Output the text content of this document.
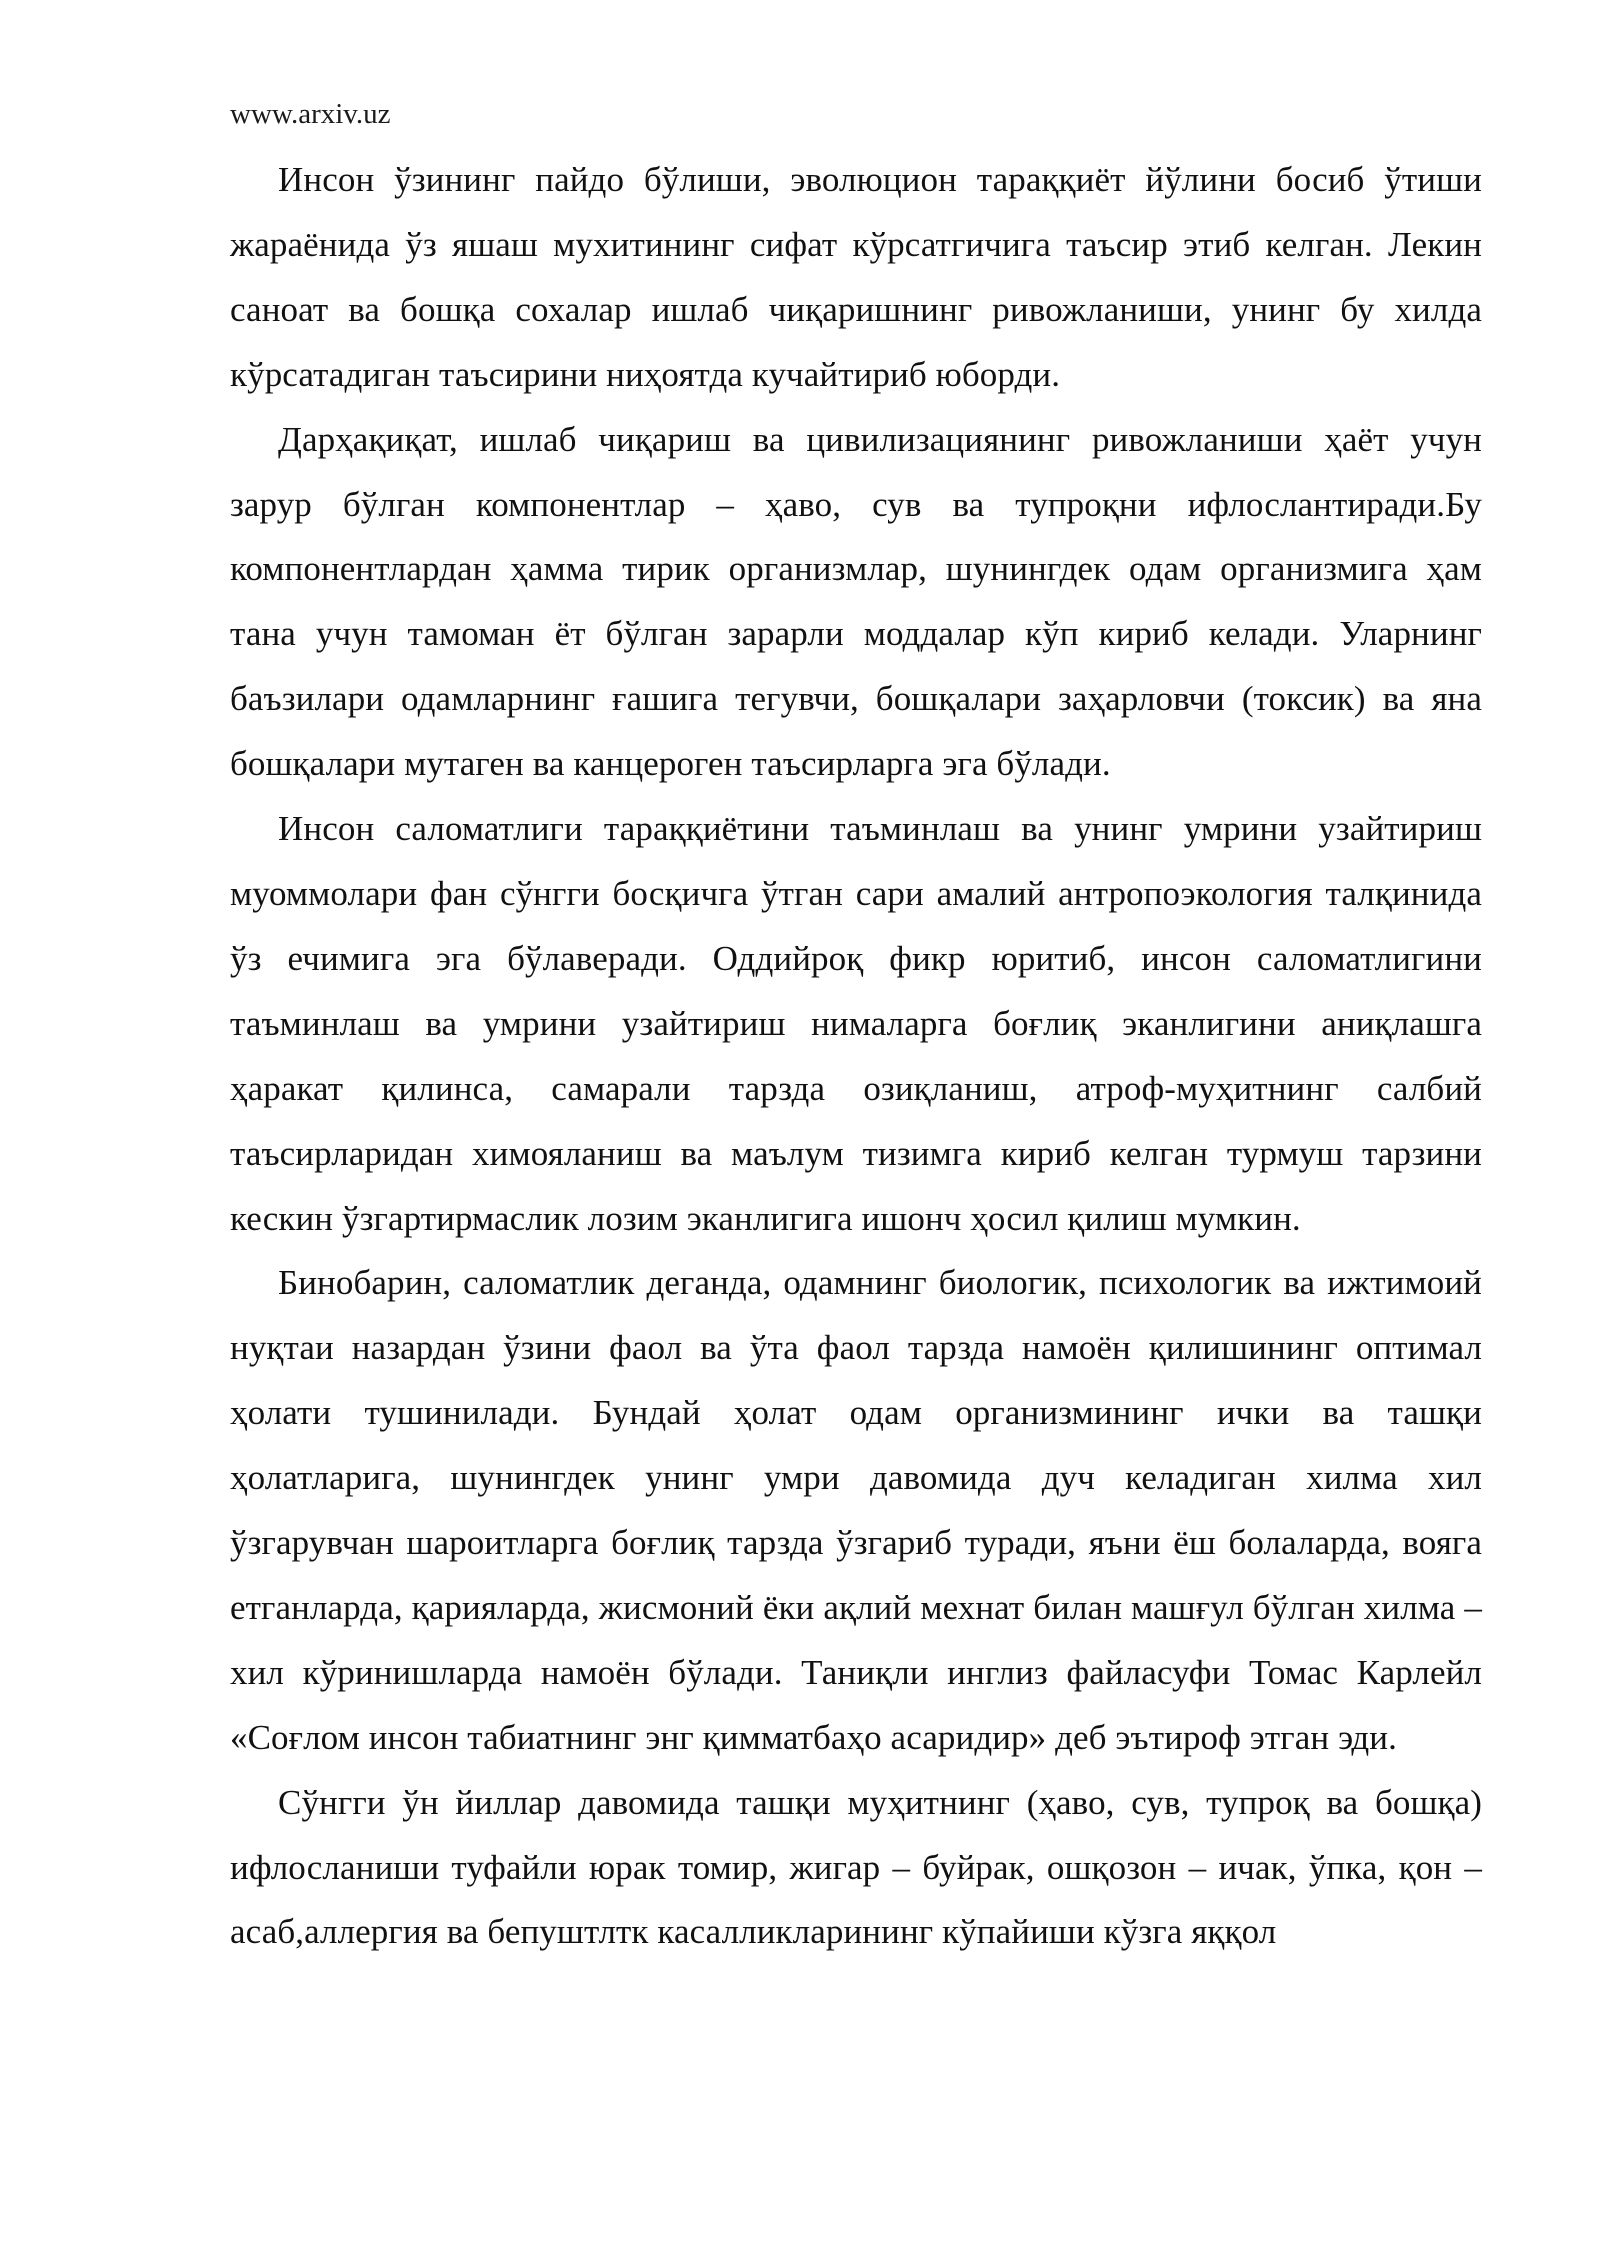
www.arxiv.uz

Инсон ўзининг пайдо бўлиши, эволюцион тараққиёт йўлини босиб ўтиши жараёнида ўз яшаш мухитининг сифат кўрсатгичига таъсир этиб келган. Лекин саноат ва бошқа сохалар ишлаб чиқаришнинг ривожланиши, унинг бу хилда кўрсатадиган таъсирини ниҳоятда кучайтириб юборди.

Дарҳақиқат, ишлаб чиқариш ва цивилизациянинг ривожланиши ҳаёт учун зарур бўлган компонентлар – ҳаво, сув ва тупроқни ифлослантиради.Бу компонентлардан ҳамма тирик организмлар, шунингдек одам организмига ҳам тана учун тамоман ёт бўлган зарарли моддалар кўп кириб келади. Уларнинг баъзилари одамларнинг ғашига тегувчи, бошқалари заҳарловчи (токсик) ва яна бошқалари мутаген ва канцероген таъсирларга эга бўлади.

Инсон саломатлиги тараққиётини таъминлаш ва унинг умрини узайтириш муоммолари фан сўнгги босқичга ўтган сари амалий антропоэкология талқинида ўз ечимига эга бўлаверади. Оддийроқ фикр юритиб, инсон саломатлигини таъминлаш ва умрини узайтириш нималарга боғлиқ эканлигини аниқлашга ҳаракат қилинса, самарали тарзда озиқланиш, атроф-муҳитнинг салбий таъсирларидан химояланиш ва маълум тизимга кириб келган турмуш тарзини кескин ўзгартирмаслик лозим эканлигига ишонч ҳосил қилиш мумкин.

Бинобарин, саломатлик деганда, одамнинг биологик, психологик ва ижтимоий нуқтаи назардан ўзини фаол ва ўта фаол тарзда намоён қилишининг оптимал ҳолати тушинилади. Бундай ҳолат одам организмининг ички ва ташқи ҳолатларига, шунингдек унинг умри давомида дуч келадиган хилма хил ўзгарувчан шароитларга боғлиқ тарзда ўзгариб туради, яъни ёш болаларда, вояга етганларда, қарияларда, жисмоний ёки ақлий мехнат билан машғул бўлган хилма –хил кўринишларда намоён бўлади. Таниқли инглиз файласуфи Томас Карлейл «Соғлом инсон табиатнинг энг қимматбаҳо асаридир» деб эътироф этган эди.

Сўнгги ўн йиллар давомида ташқи муҳитнинг (ҳаво, сув, тупроқ ва бошқа) ифлосланиши туфайли юрак томир, жигар – буйрак, ошқозон – ичак, ўпка, қон – асаб,аллергия ва бепуштлтк касалликларининг кўпайиши кўзга яққол
